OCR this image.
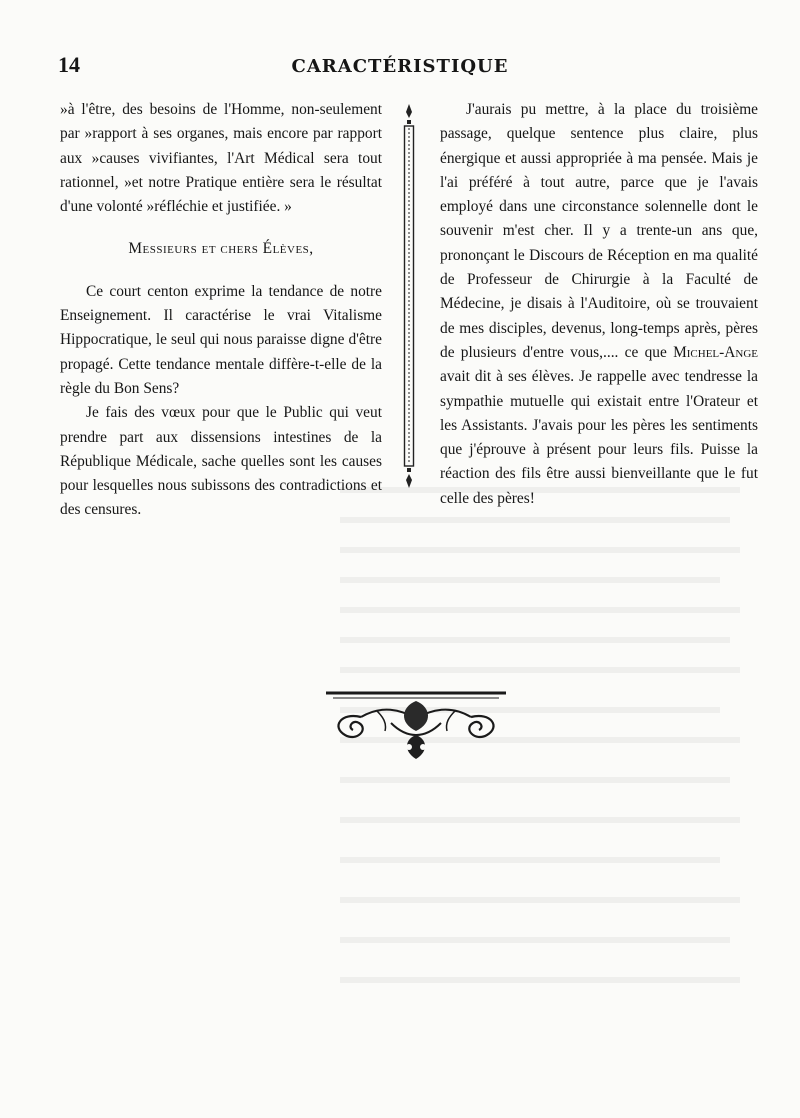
14	CARACTÉRISTIQUE

»à l'être, des besoins de l'Homme, non-seulement par »rapport à ses organes, mais encore par rapport aux »causes vivifiantes, l'Art Médical sera tout rationnel, »et notre Pratique entière sera le résultat d'une volonté »réfléchie et justifiée. »

Messieurs et chers Élèves,

Ce court centon exprime la tendance de notre Enseignement. Il caractérise le vrai Vitalisme Hippocratique, le seul qui nous paraisse digne d'être propagé. Cette tendance mentale diffère-t-elle de la règle du Bon Sens?

Je fais des vœux pour que le Public qui veut prendre part aux dissensions intestines de la République Médicale, sache quelles sont les causes pour lesquelles nous subissons des contradictions et des censures.

J'aurais pu mettre, à la place du troisième passage, quelque sentence plus claire, plus énergique et aussi appropriée à ma pensée. Mais je l'ai préféré à tout autre, parce que je l'avais employé dans une circonstance solennelle dont le souvenir m'est cher. Il y a trente-un ans que, prononçant le Discours de Réception en ma qualité de Professeur de Chirurgie à la Faculté de Médecine, je disais à l'Auditoire, où se trouvaient de mes disciples, devenus, long-temps après, pères de plusieurs d'entre vous,.... ce que Michel-Ange avait dit à ses élèves. Je rappelle avec tendresse la sympathie mutuelle qui existait entre l'Orateur et les Assistants. J'avais pour les pères les sentiments que j'éprouve à présent pour leurs fils. Puisse la réaction des fils être aussi bienveillante que le fut celle des pères!
